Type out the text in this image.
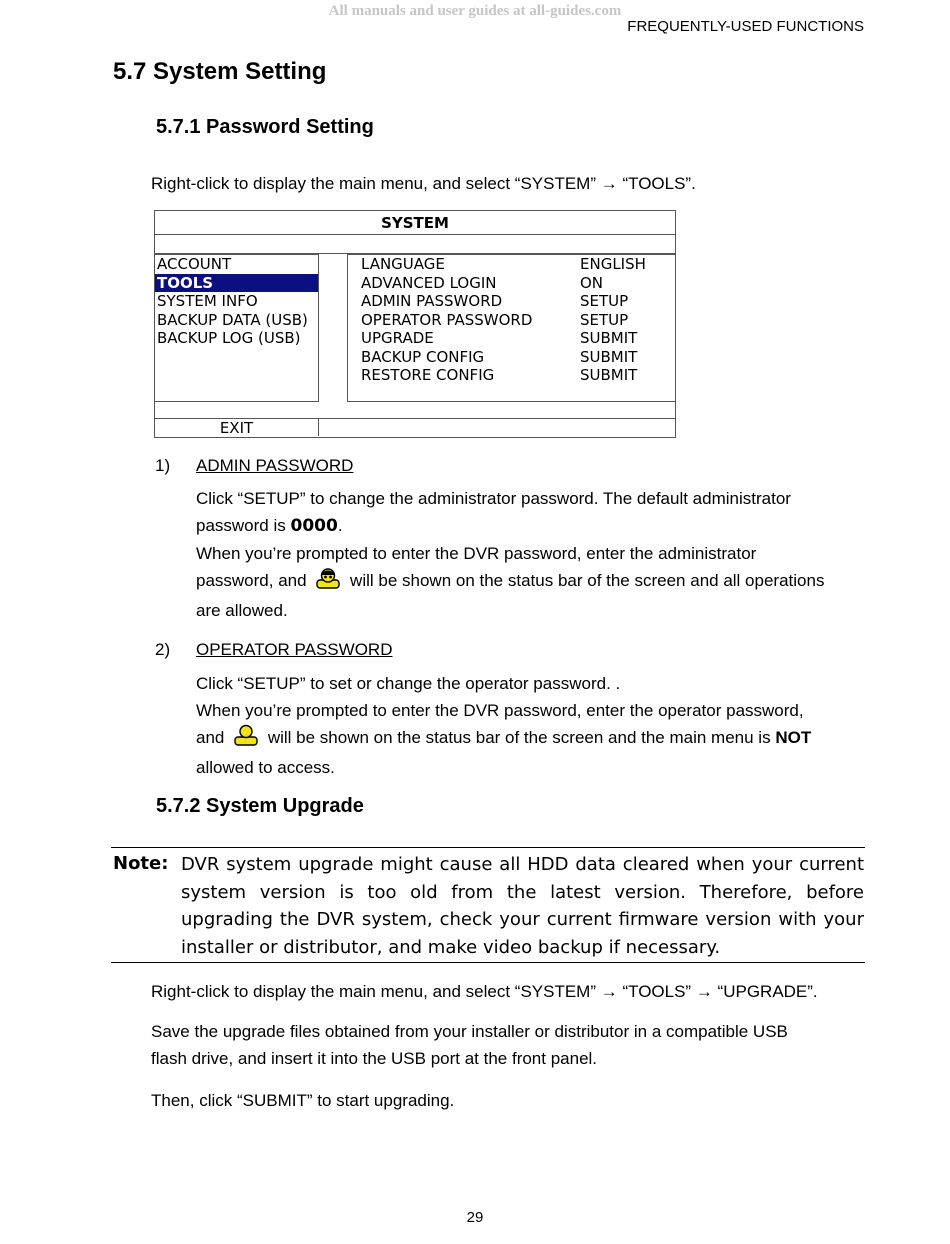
All manuals and user guides at all-guides.com
FREQUENTLY-USED FUNCTIONS
5.7 System Setting
5.7.1 Password Setting
Right-click to display the main menu, and select “SYSTEM” → “TOOLS”.
SYSTEM
ACCOUNT
TOOLS
SYSTEM INFO
BACKUP DATA (USB)
BACKUP LOG (USB)
LANGUAGE	ENGLISH
ADVANCED LOGIN	ON
ADMIN PASSWORD	SETUP
OPERATOR PASSWORD	SETUP
UPGRADE	SUBMIT
BACKUP CONFIG	SUBMIT
RESTORE CONFIG	SUBMIT
EXIT
1) ADMIN PASSWORD
Click “SETUP” to change the administrator password. The default administrator
password is 0000.
When you’re prompted to enter the DVR password, enter the administrator
password, and	will be shown on the status bar of the screen and all operations
are allowed.
2) OPERATOR PASSWORD
Click “SETUP” to set or change the operator password. .
When you’re prompted to enter the DVR password, enter the operator password,
and	will be shown on the status bar of the screen and the main menu is NOT
allowed to access.
5.7.2 System Upgrade
Note: DVR system upgrade might cause all HDD data cleared when your current system version is too old from the latest version. Therefore, before upgrading the DVR system, check your current firmware version with your installer or distributor, and make video backup if necessary.
Right-click to display the main menu, and select “SYSTEM” → “TOOLS” → “UPGRADE”.
Save the upgrade files obtained from your installer or distributor in a compatible USB
flash drive, and insert it into the USB port at the front panel.
Then, click “SUBMIT” to start upgrading.
29
